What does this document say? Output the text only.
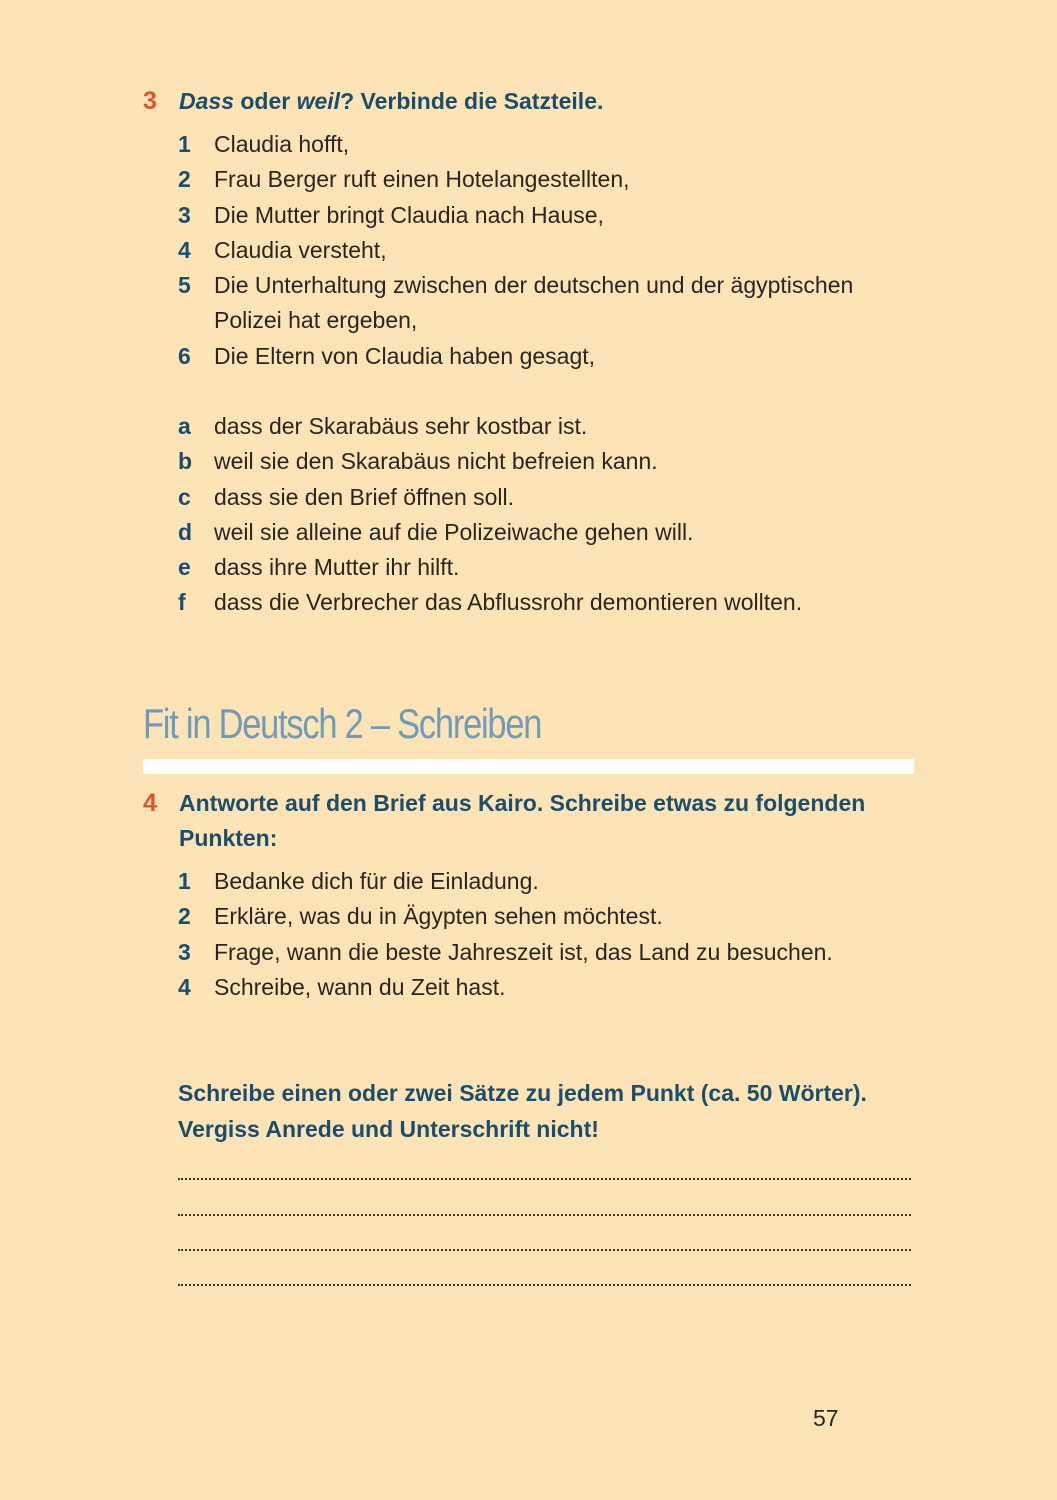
3 Dass oder weil? Verbinde die Satzteile.
1 Claudia hofft,
2 Frau Berger ruft einen Hotelangestellten,
3 Die Mutter bringt Claudia nach Hause,
4 Claudia versteht,
5 Die Unterhaltung zwischen der deutschen und der ägyptischen Polizei hat ergeben,
6 Die Eltern von Claudia haben gesagt,
a dass der Skarabäus sehr kostbar ist.
b weil sie den Skarabäus nicht befreien kann.
c dass sie den Brief öffnen soll.
d weil sie alleine auf die Polizeiwache gehen will.
e dass ihre Mutter ihr hilft.
f dass die Verbrecher das Abflussrohr demontieren wollten.
Fit in Deutsch 2 – Schreiben
4 Antworte auf den Brief aus Kairo. Schreibe etwas zu folgenden Punkten:
1 Bedanke dich für die Einladung.
2 Erkläre, was du in Ägypten sehen möchtest.
3 Frage, wann die beste Jahreszeit ist, das Land zu besuchen.
4 Schreibe, wann du Zeit hast.
Schreibe einen oder zwei Sätze zu jedem Punkt (ca. 50 Wörter). Vergiss Anrede und Unterschrift nicht!
57
